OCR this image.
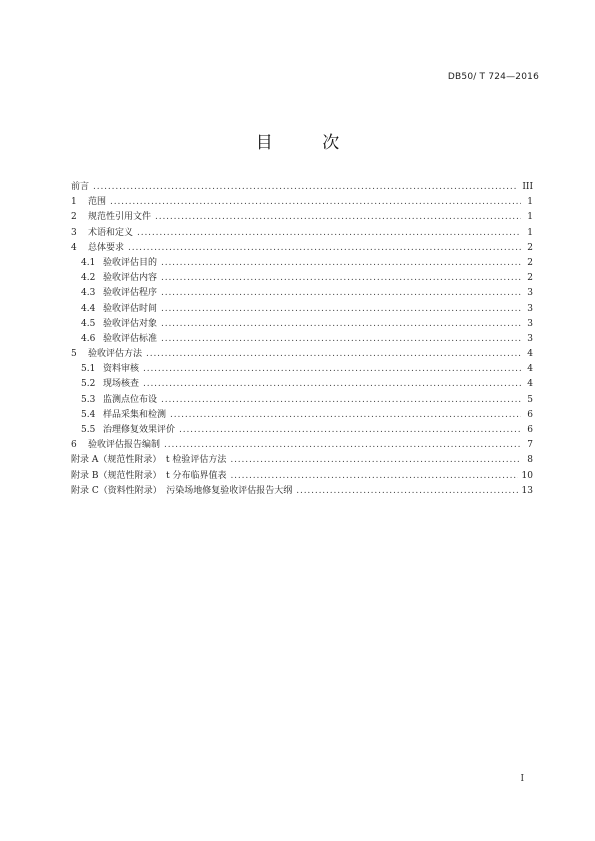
DB50/ T 724—2016
目 次
前言 . . .	III
1	范围 . . .	1
2	规范性引用文件 . . .	1
3	术语和定义 . . .	1
4	总体要求 . . .	2
4.1 验收评估目的 . . .	2
4.2 验收评估内容 . . .	2
4.3 验收评估程序 . . .	3
4.4 验收评估时间 . . .	3
4.5 验收评估对象 . . .	3
4.6 验收评估标准 . . .	3
5	验收评估方法 . . .	4
5.1 资料审核 . . .	4
5.2 现场核查 . . .	4
5.3 监测点位布设 . . .	5
5.4 样品采集和检测 . . .	6
5.5 治理修复效果评价 . . .	6
6	验收评估报告编制 . . .	7
附录 A（规范性附录）　t 检验评估方法 . . .	8
附录 B（规范性附录）　t 分布临界值表 . . .	10
附录 C（资料性附录）　污染场地修复验收评估报告大纲 . . .	13
I
